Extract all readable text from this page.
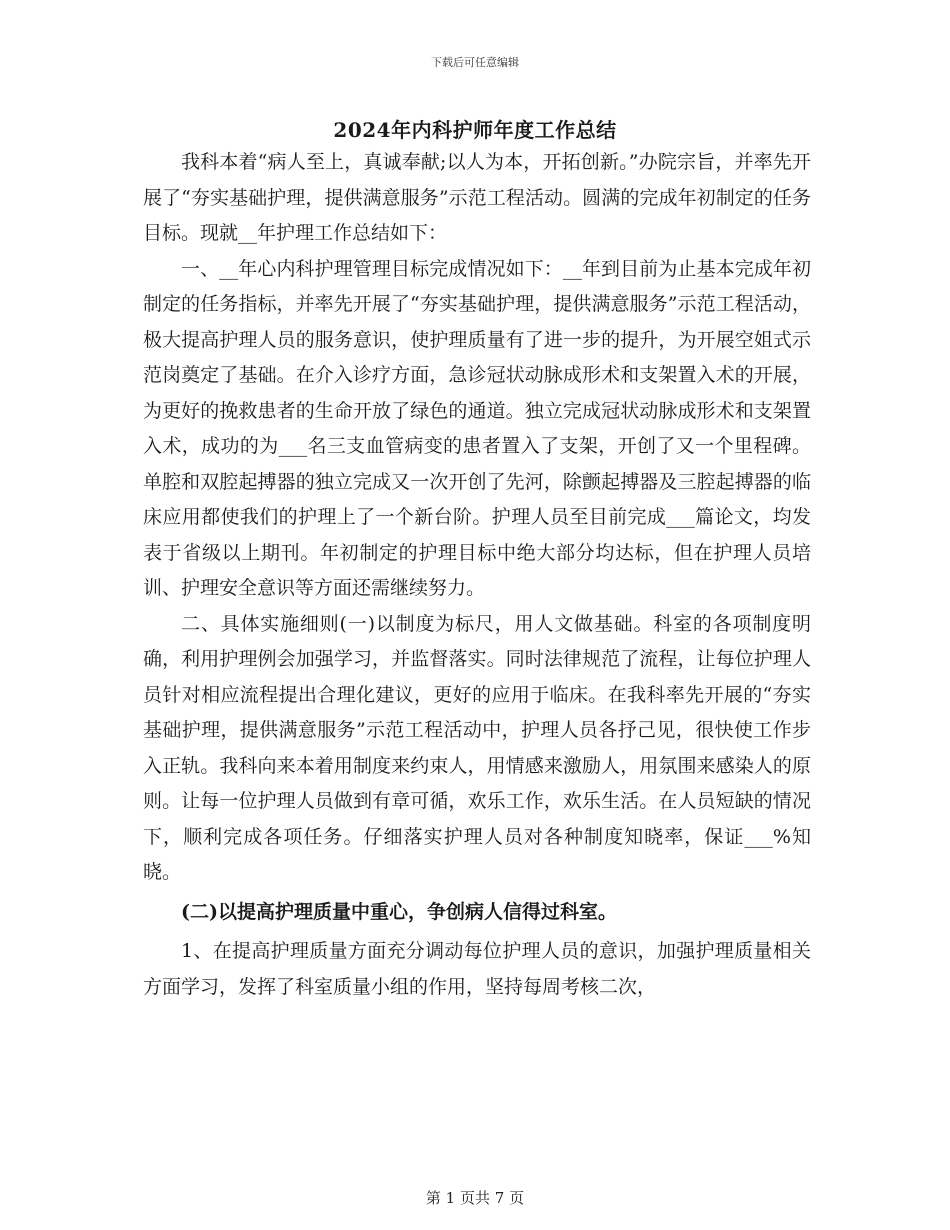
下载后可任意编辑
2024年内科护师年度工作总结

我科本着“病人至上，真诚奉献;以人为本，开拓创新。”办院宗旨，并率先开展了“夯实基础护理，提供满意服务”示范工程活动。圆满的完成年初制定的任务目标。现就__年护理工作总结如下：

一、__年心内科护理管理目标完成情况如下：__年到目前为止基本完成年初制定的任务指标，并率先开展了“夯实基础护理，提供满意服务”示范工程活动，极大提高护理人员的服务意识，使护理质量有了进一步的提升，为开展空姐式示范岗奠定了基础。在介入诊疗方面，急诊冠状动脉成形术和支架置入术的开展，为更好的挽救患者的生命开放了绿色的通道。独立完成冠状动脉成形术和支架置入术，成功的为___名三支血管病变的患者置入了支架，开创了又一个里程碑。单腔和双腔起搏器的独立完成又一次开创了先河，除颤起搏器及三腔起搏器的临床应用都使我们的护理上了一个新台阶。护理人员至目前完成___篇论文，均发表于省级以上期刊。年初制定的护理目标中绝大部分均达标，但在护理人员培训、护理安全意识等方面还需继续努力。

二、具体实施细则(一)以制度为标尺，用人文做基础。科室的各项制度明确，利用护理例会加强学习，并监督落实。同时法律规范了流程，让每位护理人员针对相应流程提出合理化建议，更好的应用于临床。在我科率先开展的“夯实基础护理，提供满意服务”示范工程活动中，护理人员各抒己见，很快使工作步入正轨。我科向来本着用制度来约束人，用情感来激励人，用氛围来感染人的原则。让每一位护理人员做到有章可循，欢乐工作，欢乐生活。在人员短缺的情况下，顺利完成各项任务。仔细落实护理人员对各种制度知晓率，保证___%知晓。

(二)以提高护理质量中重心，争创病人信得过科室。

1、在提高护理质量方面充分调动每位护理人员的意识，加强护理质量相关方面学习，发挥了科室质量小组的作用，坚持每周考核二次，

第 1 页共 7 页
